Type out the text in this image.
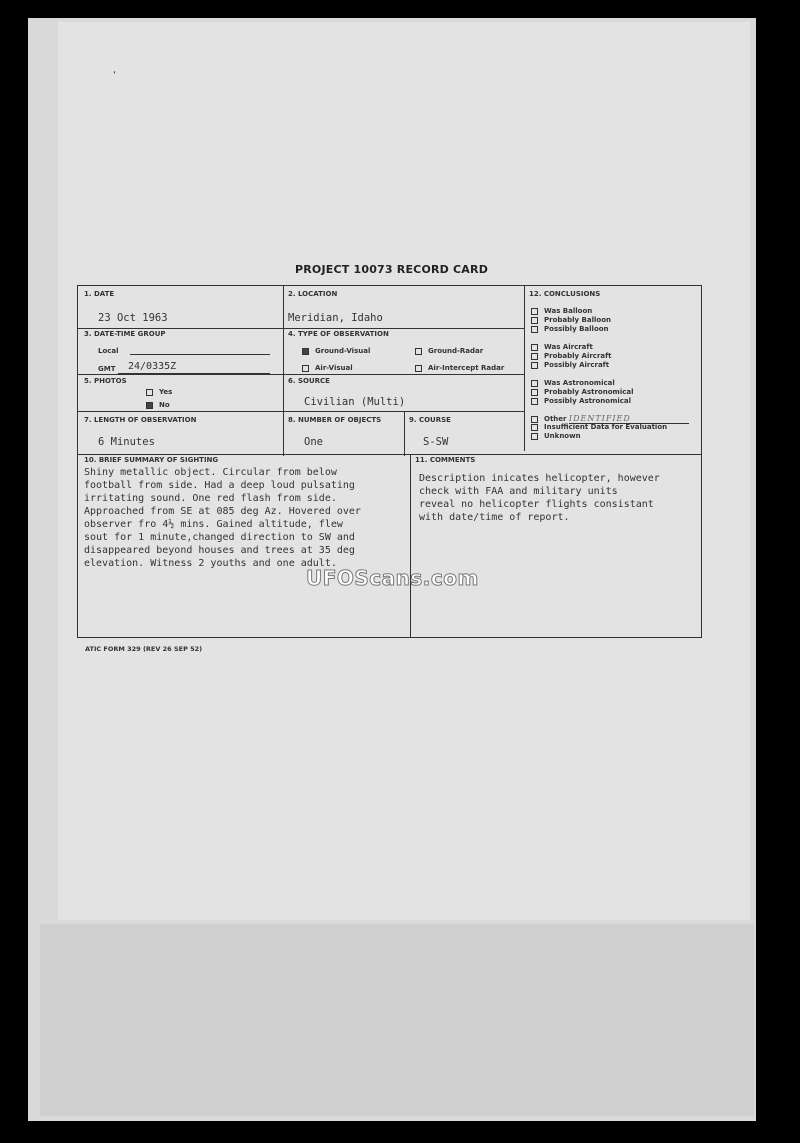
‘
PROJECT 10073 RECORD CARD
1. DATE
23 Oct 1963
2. LOCATION
Meridian, Idaho
3. DATE-TIME GROUP
Local
GMT 24/0335Z
4. TYPE OF OBSERVATION
Ground-Visual	Ground-Radar
Air-Visual	Air-Intercept Radar
5. PHOTOS
Yes
No
6. SOURCE
Civilian (Multi)
7. LENGTH OF OBSERVATION
6 Minutes
8. NUMBER OF OBJECTS
One
9. COURSE
S-SW
12. CONCLUSIONS
Was Balloon
Probably Balloon
Possibly Balloon
Was Aircraft
Probably Aircraft
Possibly Aircraft
Was Astronomical
Probably Astronomical
Possibly Astronomical
Other IDENTIFIED
Insufficient Data for Evaluation
Unknown
10. BRIEF SUMMARY OF SIGHTING
Shiny metallic object. Circular from below
football from side. Had a deep loud pulsating
irritating sound. One red flash from side.
Approached from SE at 085 deg Az. Hovered over
observer fro 4½ mins. Gained altitude, flew
sout for 1 minute,changed direction to SW and
disappeared beyond houses and trees at 35 deg
elevation. Witness 2 youths and one adult.
11. COMMENTS
Description inicates helicopter, however
check with FAA and military units
reveal no helicopter flights consistant
with date/time of report.
UFOScans.com
ATIC FORM 329 (REV 26 SEP 52)
